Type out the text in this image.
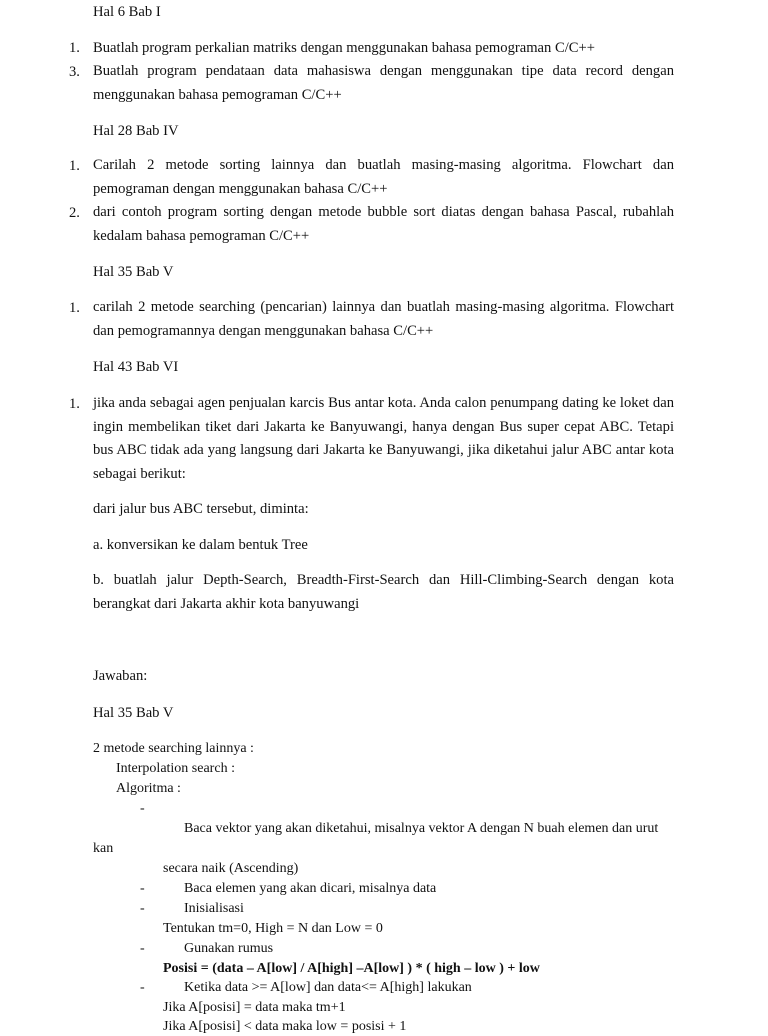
Hal 6 Bab I
1. Buatlah program perkalian matriks dengan menggunakan bahasa pemograman C/C++
3. Buatlah program pendataan data mahasiswa dengan menggunakan tipe data record dengan menggunakan bahasa pemograman C/C++
Hal 28 Bab IV
1. Carilah 2 metode sorting lainnya dan buatlah masing-masing algoritma. Flowchart dan pemograman dengan menggunakan bahasa C/C++
2. dari contoh program sorting dengan metode bubble sort diatas dengan bahasa Pascal, rubahlah kedalam bahasa pemograman C/C++
Hal 35 Bab V
1. carilah 2 metode searching (pencarian) lainnya dan buatlah masing-masing algoritma. Flowchart dan pemogramannya dengan menggunakan bahasa C/C++
Hal 43 Bab VI
1. jika anda sebagai agen penjualan karcis Bus antar kota. Anda calon penumpang dating ke loket dan ingin membelikan tiket dari Jakarta ke Banyuwangi, hanya dengan Bus super cepat ABC. Tetapi bus ABC tidak ada yang langsung dari Jakarta ke Banyuwangi, jika diketahui jalur ABC antar kota sebagai berikut:
dari jalur bus ABC tersebut, diminta:
a. konversikan ke dalam bentuk Tree
b. buatlah jalur Depth-Search, Breadth-First-Search dan Hill-Climbing-Search dengan kota berangkat dari Jakarta akhir kota banyuwangi
Jawaban:
Hal 35 Bab V
2 metode searching lainnya :
Interpolation search :
Algoritma :
-
Baca vektor yang akan diketahui, misalnya vektor A dengan N buah elemen dan urut
kan
secara naik (Ascending)
-	Baca elemen yang akan dicari, misalnya data
-	Inisialisasi
Tentukan tm=0, High = N dan Low = 0
-	Gunakan rumus
Posisi = (data – A[low] / A[high] –A[low] ) * ( high – low ) + low
-	Ketika data >= A[low] dan data<= A[high] lakukan
Jika A[posisi] = data maka tm+1
Jika A[posisi] < data maka low = posisi + 1
